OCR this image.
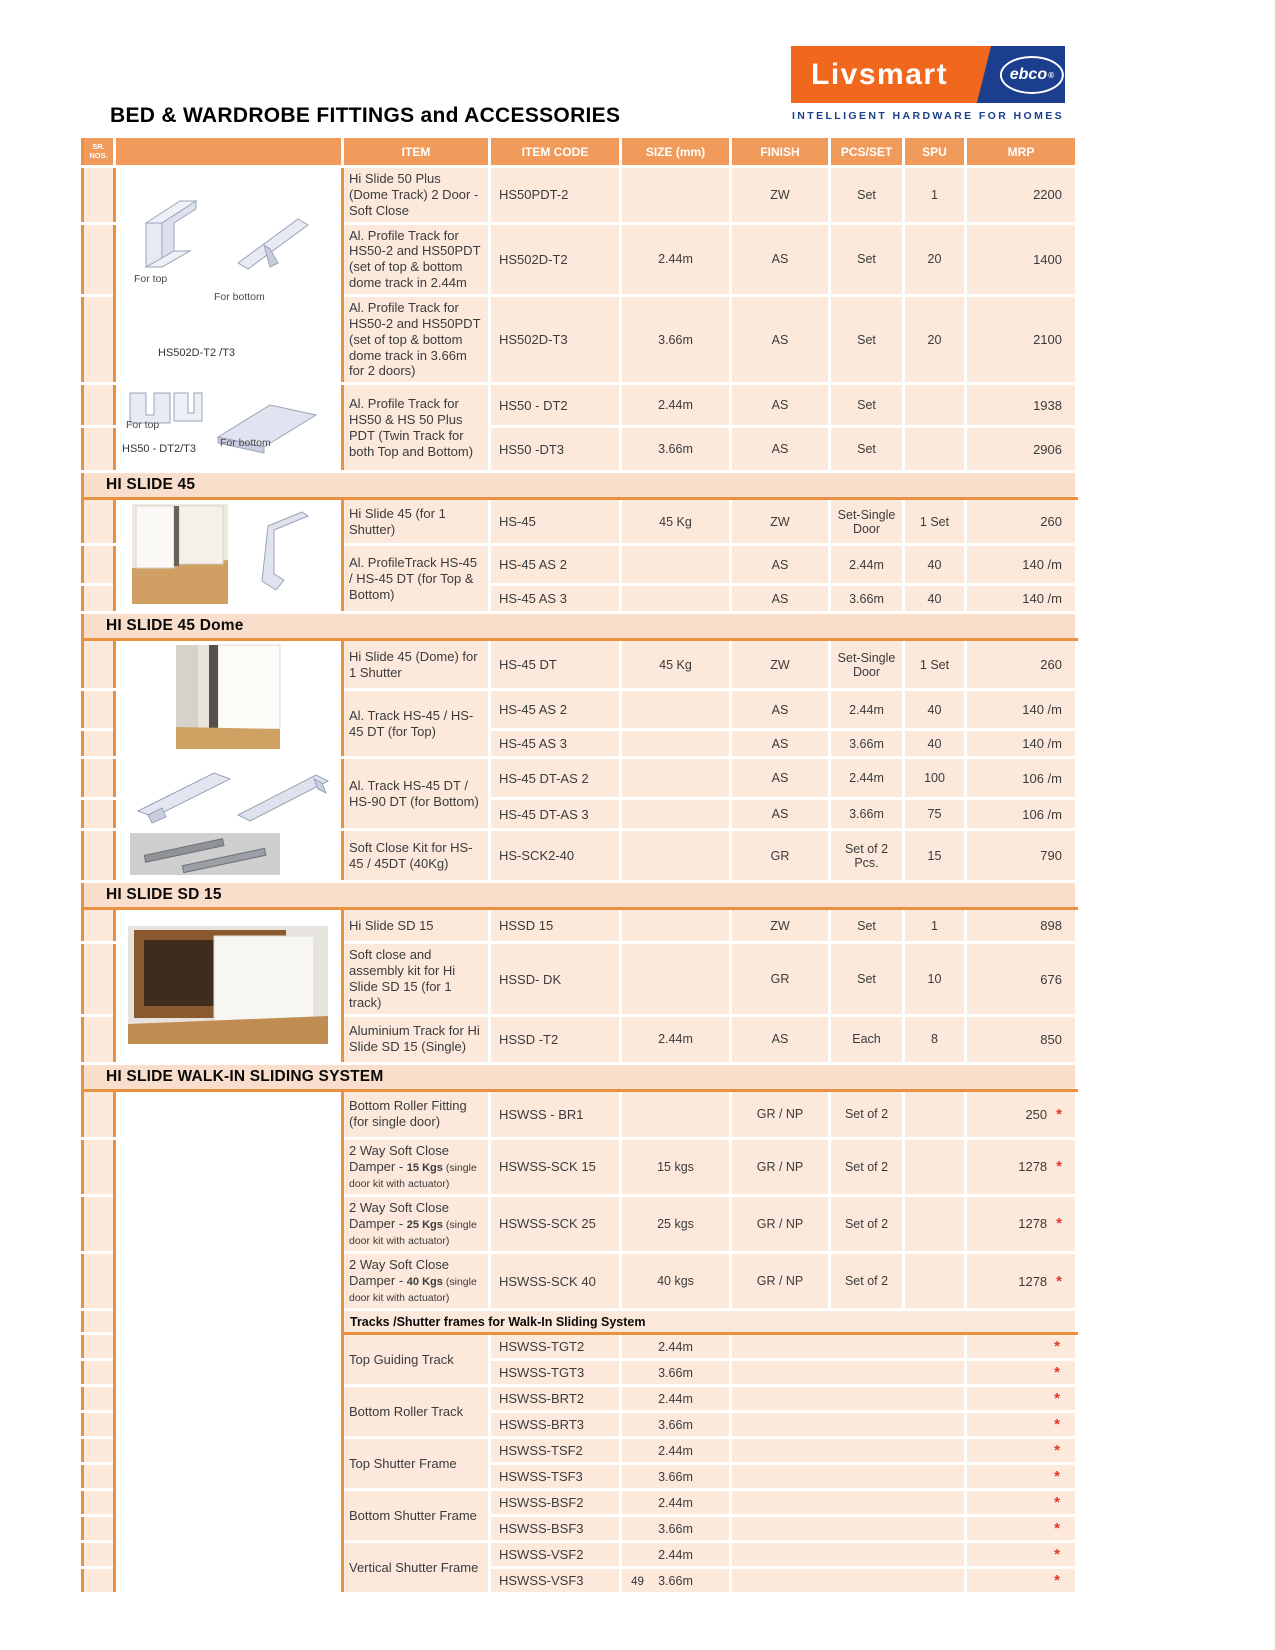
Livsmart	ebco ®
INTELLIGENT HARDWARE FOR HOMES
BED & WARDROBE FITTINGS and ACCESSORIES
SR. NOS.		ITEM	ITEM CODE	SIZE (mm)	FINISH	PCS/SET	SPU	MRP

	For top
For bottom
HS502D-T2 /T3	Hi Slide 50 Plus (Dome Track) 2 Door - Soft Close	HS50PDT-2		ZW	Set	1	2200
		Al. Profile Track for HS50-2 and HS50PDT (set of top & bottom dome track in 2.44m	HS502D-T2	2.44m	AS	Set	20	1400
		Al. Profile Track for HS50-2 and HS50PDT (set of top & bottom dome track in 3.66m for 2 doors)	HS502D-T3	3.66m	AS	Set	20	2100

	For top
HS50 - DT2/T3 For bottom	Al. Profile Track for HS50 & HS 50 Plus PDT (Twin Track for both Top and Bottom)	HS50 - DT2	2.44m	AS	Set		1938
			HS50 -DT3	3.66m	AS	Set		2906
HI SLIDE 45								

	Hi Slide 45 (for 1 Shutter)	HS-45	45 Kg	ZW	Set-Single Door	1 Set	260
		Al. ProfileTrack HS-45 / HS-45 DT (for Top & Bottom)	HS-45 AS 2		AS	2.44m	40	140 /m
			HS-45 AS 3		AS	3.66m	40	140 /m
HI SLIDE 45 Dome								

	Hi Slide 45 (Dome) for 1 Shutter	HS-45 DT	45 Kg	ZW	Set-Single Door	1 Set	260
		Al. Track HS-45 / HS-45 DT (for Top)	HS-45 AS 2		AS	2.44m	40	140 /m
			HS-45 AS 3		AS	3.66m	40	140 /m

	Al. Track HS-45 DT / HS-90 DT (for Bottom)	HS-45 DT-AS 2		AS	2.44m	100	106 /m
			HS-45 DT-AS 3		AS	3.66m	75	106 /m

	Soft Close Kit for HS-45 / 45DT (40Kg)	HS-SCK2-40		GR	Set of 2 Pcs.	15	790
HI SLIDE SD 15								

	Hi Slide SD 15	HSSD 15		ZW	Set	1	898
		Soft close and assembly kit for Hi Slide SD 15 (for 1 track)	HSSD- DK		GR	Set	10	676
		Aluminium Track for Hi Slide SD 15 (Single)	HSSD -T2	2.44m	AS	Each	8	850
HI SLIDE WALK-IN SLIDING SYSTEM								

	Bottom Roller Fitting (for single door)	HSWSS - BR1		GR / NP	Set of 2		250 *
		2 Way Soft Close Damper - 15 Kgs (single door kit with actuator)	HSWSS-SCK 15	15 kgs	GR / NP	Set of 2		1278 *
		2 Way Soft Close Damper - 25 Kgs (single door kit with actuator)	HSWSS-SCK 25	25 kgs	GR / NP	Set of 2		1278 *
		2 Way Soft Close Damper - 40 Kgs (single door kit with actuator)	HSWSS-SCK 40	40 kgs	GR / NP	Set of 2		1278 *
		Tracks /Shutter frames for Walk-In Sliding System						
		Top Guiding Track	HSWSS-TGT2	2.44m				*
			HSWSS-TGT3	3.66m				*
		Bottom Roller Track	HSWSS-BRT2	2.44m				*
			HSWSS-BRT3	3.66m				*
		Top Shutter Frame	HSWSS-TSF2	2.44m				*
			HSWSS-TSF3	3.66m				*
		Bottom Shutter Frame	HSWSS-BSF2	2.44m				*
			HSWSS-BSF3	3.66m				*
		Vertical Shutter Frame	HSWSS-VSF2	2.44m				*
			HSWSS-VSF3	3.66m				*
49
